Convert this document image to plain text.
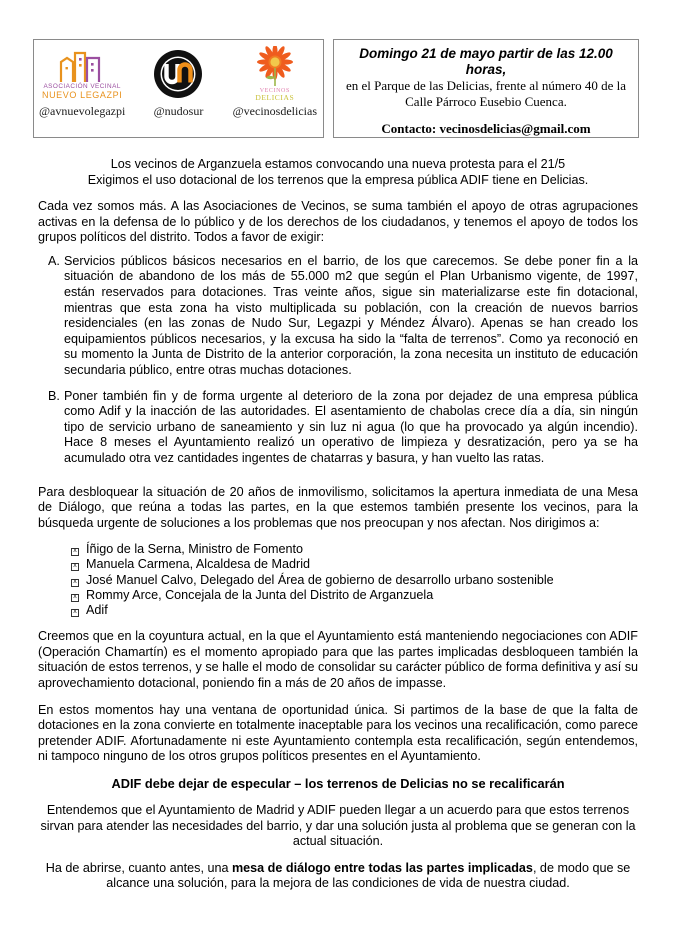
ASOCIACIÓN VECINAL
NUEVO LEGAZPI
@avnuevolegazpi @nudosur
VECINOS
DELICIAS
@vecinosdelicias
Domingo 21 de mayo partir de las 12.00 horas,
en el Parque de las Delicias, frente al número 40 de la Calle Párroco Eusebio Cuenca.
Contacto: vecinosdelicias@gmail.com
Los vecinos de Arganzuela estamos convocando una nueva protesta para el 21/5
Exigimos el uso dotacional de los terrenos que la empresa pública ADIF tiene en Delicias.

Cada vez somos más. A las Asociaciones de Vecinos, se suma también el apoyo de otras agrupaciones activas en la defensa de lo público y de los derechos de los ciudadanos, y tenemos el apoyo de todos los grupos políticos del distrito. Todos a favor de exigir:

A. Servicios públicos básicos necesarios en el barrio, de los que carecemos. Se debe poner fin a la situación de abandono de los más de 55.000 m2 que según el Plan Urbanismo vigente, de 1997, están reservados para dotaciones. Tras veinte años, sigue sin materializarse este fin dotacional, mientras que esta zona ha visto multiplicada su población, con la creación de nuevos barrios residenciales (en las zonas de Nudo Sur, Legazpi y Méndez Álvaro). Apenas se han creado los equipamientos públicos necesarios, y la excusa ha sido la “falta de terrenos”. Como ya reconoció en su momento la Junta de Distrito de la anterior corporación, la zona necesita un instituto de educación secundaria público, entre otras muchas dotaciones.
B. Poner también fin y de forma urgente al deterioro de la zona por dejadez de una empresa pública como Adif y la inacción de las autoridades. El asentamiento de chabolas crece día a día, sin ningún tipo de servicio urbano de saneamiento y sin luz ni agua (lo que ha provocado ya algún incendio). Hace 8 meses el Ayuntamiento realizó un operativo de limpieza y desratización, pero ya se ha acumulado otra vez cantidades ingentes de chatarras y basura, y han vuelto las ratas.

Para desbloquear la situación de 20 años de inmovilismo, solicitamos la apertura inmediata de una Mesa de Diálogo, que reúna a todas las partes, en la que estemos también presente los vecinos, para la búsqueda urgente de soluciones a los problemas que nos preocupan y nos afectan. Nos dirigimos a:

x Íñigo de la Serna, Ministro de Fomento
x Manuela Carmena, Alcaldesa de Madrid
x José Manuel Calvo, Delegado del Área de gobierno de desarrollo urbano sostenible
x Rommy Arce, Concejala de la Junta del Distrito de Arganzuela
x Adif

Creemos que en la coyuntura actual, en la que el Ayuntamiento está manteniendo negociaciones con ADIF (Operación Chamartín) es el momento apropiado para que las partes implicadas desbloqueen también la situación de estos terrenos, y se halle el modo de consolidar su carácter público de forma definitiva y así su aprovechamiento dotacional, poniendo fin a más de 20 años de impasse.

En estos momentos hay una ventana de oportunidad única. Si partimos de la base de que la falta de dotaciones en la zona convierte en totalmente inaceptable para los vecinos una recalificación, como parece pretender ADIF. Afortunadamente ni este Ayuntamiento contempla esta recalificación, según entendemos, ni tampoco ninguno de los otros grupos políticos presentes en el Ayuntamiento.

ADIF debe dejar de especular – los terrenos de Delicias no se recalificarán

Entendemos que el Ayuntamiento de Madrid y ADIF pueden llegar a un acuerdo para que estos terrenos sirvan para atender las necesidades del barrio, y dar una solución justa al problema que se generan con la actual situación.

Ha de abrirse, cuanto antes, una mesa de diálogo entre todas las partes implicadas, de modo que se alcance una solución, para la mejora de las condiciones de vida de nuestra ciudad.
